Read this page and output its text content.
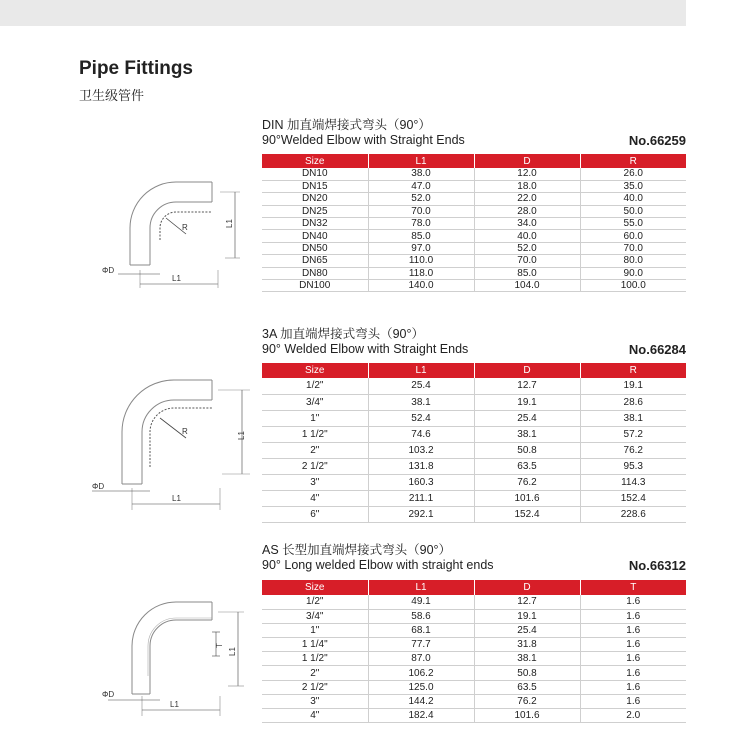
Pipe Fittings
卫生级管件
DIN 加直端焊接式弯头（90°）
90°Welded Elbow with Straight Ends	No.66259
Size	L1	D	R
DN10	38.0	12.0	26.0
DN15	47.0	18.0	35.0
DN20	52.0	22.0	40.0
DN25	70.0	28.0	50.0
DN32	78.0	34.0	55.0
DN40	85.0	40.0	60.0
DN50	97.0	52.0	70.0
DN65	110.0	70.0	80.0
DN80	118.0	85.0	90.0
DN100	140.0	104.0	100.0
R	L1
L1
ΦD
3A 加直端焊接式弯头（90°）
90° Welded Elbow with Straight Ends	No.66284
Size	L1	D	R
1/2"	25.4	12.7	19.1
3/4"	38.1	19.1	28.6
1"	52.4	25.4	38.1
1 1/2"	74.6	38.1	57.2
2"	103.2	50.8	76.2
2 1/2"	131.8	63.5	95.3
3"	160.3	76.2	114.3
4"	211.1	101.6	152.4
6"	292.1	152.4	228.6
R	L1
L1
ΦD
AS 长型加直端焊接式弯头（90°）
90° Long welded Elbow with straight ends	No.66312
Size	L1	D	T
1/2"	49.1	12.7	1.6
3/4"	58.6	19.1	1.6
1"	68.1	25.4	1.6
1 1/4"	77.7	31.8	1.6
1 1/2"	87.0	38.1	1.6
2"	106.2	50.8	1.6
2 1/2"	125.0	63.5	1.6
3"	144.2	76.2	1.6
4"	182.4	101.6	2.0
T
L1
L1
ΦD
